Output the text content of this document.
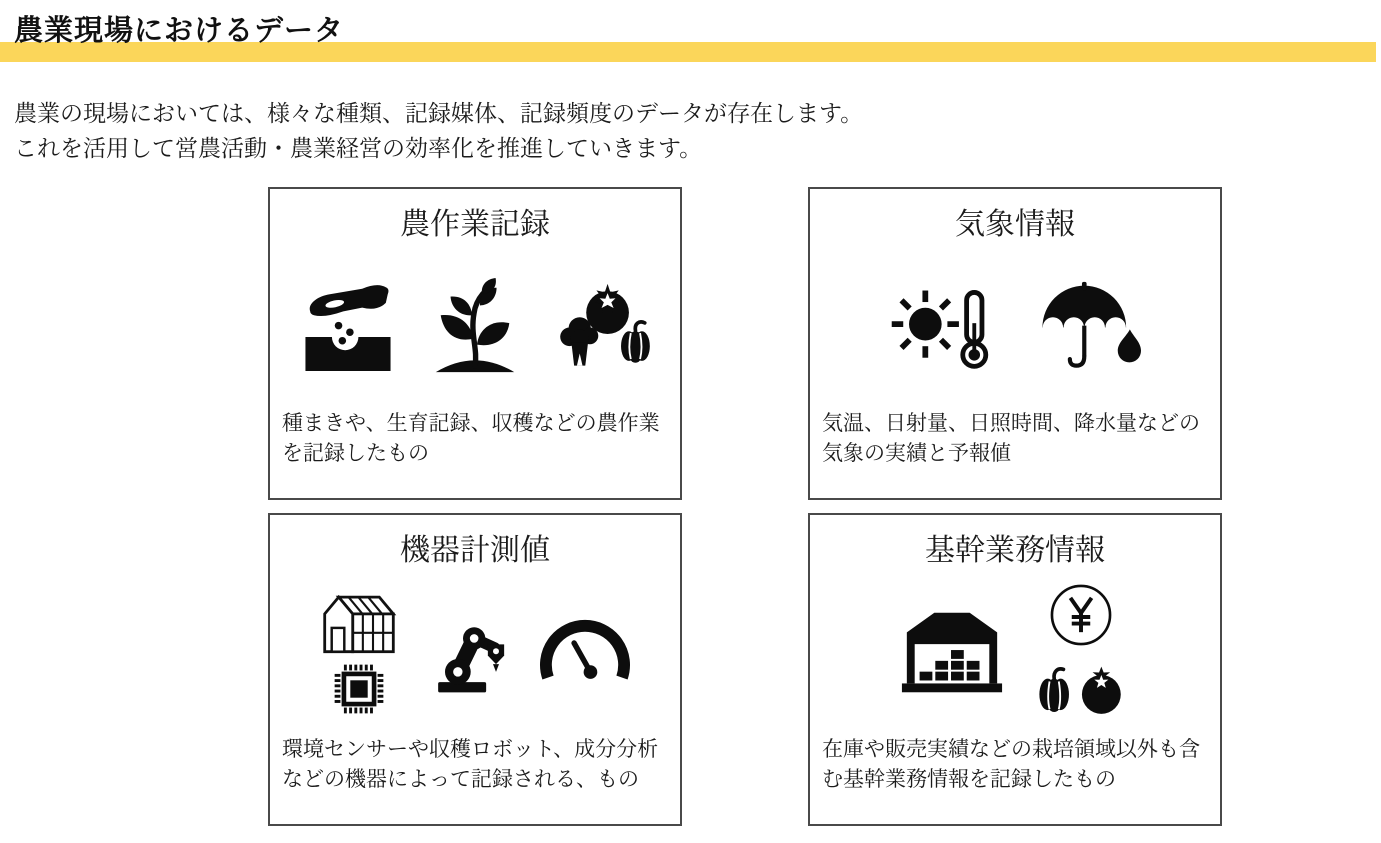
農業現場におけるデータ
農業の現場においては、様々な種類、記録媒体、記録頻度のデータが存在します。
これを活用して営農活動・農業経営の効率化を推進していきます。
農作業記録

種まきや、生育記録、収穫などの農作業を記録したもの

気象情報

気温、日射量、日照時間、降水量などの気象の実績と予報値

機器計測値

環境センサーや収穫ロボット、成分分析などの機器によって記録される、もの

基幹業務情報

在庫や販売実績などの栽培領域以外も含む基幹業務情報を記録したもの
